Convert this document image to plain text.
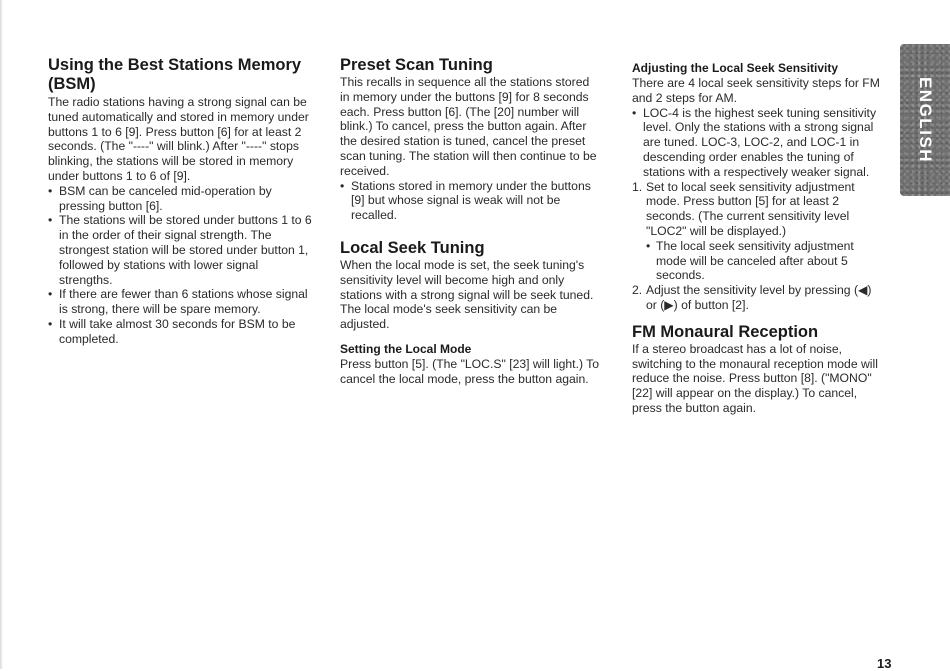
Using the Best Stations Memory (BSM)

The radio stations having a strong signal can be tuned automatically and stored in memory under buttons 1 to 6 [9]. Press button [6] for at least 2 seconds. (The "----" will blink.) After "----" stops blinking, the stations will be stored in memory under buttons 1 to 6 of [9].

• BSM can be canceled mid-operation by pressing button [6].
• The stations will be stored under buttons 1 to 6 in the order of their signal strength. The strongest station will be stored under button 1, followed by stations with lower signal strengths.
• If there are fewer than 6 stations whose signal is strong, there will be spare memory.
• It will take almost 30 seconds for BSM to be completed.
Preset Scan Tuning

This recalls in sequence all the stations stored in memory under the buttons [9] for 8 seconds each. Press button [6]. (The [20] number will blink.) To cancel, press the button again. After the desired station is tuned, cancel the preset scan tuning. The station will then continue to be received.

• Stations stored in memory under the buttons [9] but whose signal is weak will not be recalled.
Local Seek Tuning

When the local mode is set, the seek tuning's sensitivity level will become high and only stations with a strong signal will be seek tuned. The local mode's seek sensitivity can be adjusted.

Setting the Local Mode

Press button [5]. (The "LOC.S" [23] will light.) To cancel the local mode, press the button again.

Adjusting the Local Seek Sensitivity

There are 4 local seek sensitivity steps for FM and 2 steps for AM.

• LOC-4 is the highest seek tuning sensitivity level. Only the stations with a strong signal are tuned. LOC-3, LOC-2, and LOC-1 in descending order enables the tuning of stations with a respectively weaker signal.
1. Set to local seek sensitivity adjustment mode. Press button [5] for at least 2 seconds. (The current sensitivity level "LOC2" will be displayed.)
• The local seek sensitivity adjustment mode will be canceled after about 5 seconds.
2. Adjust the sensitivity level by pressing (◀) or (▶) of button [2].
FM Monaural Reception

If a stereo broadcast has a lot of noise, switching to the monaural reception mode will reduce the noise. Press button [8]. ("MONO" [22] will appear on the display.) To cancel, press the button again.

ENGLISH
13
